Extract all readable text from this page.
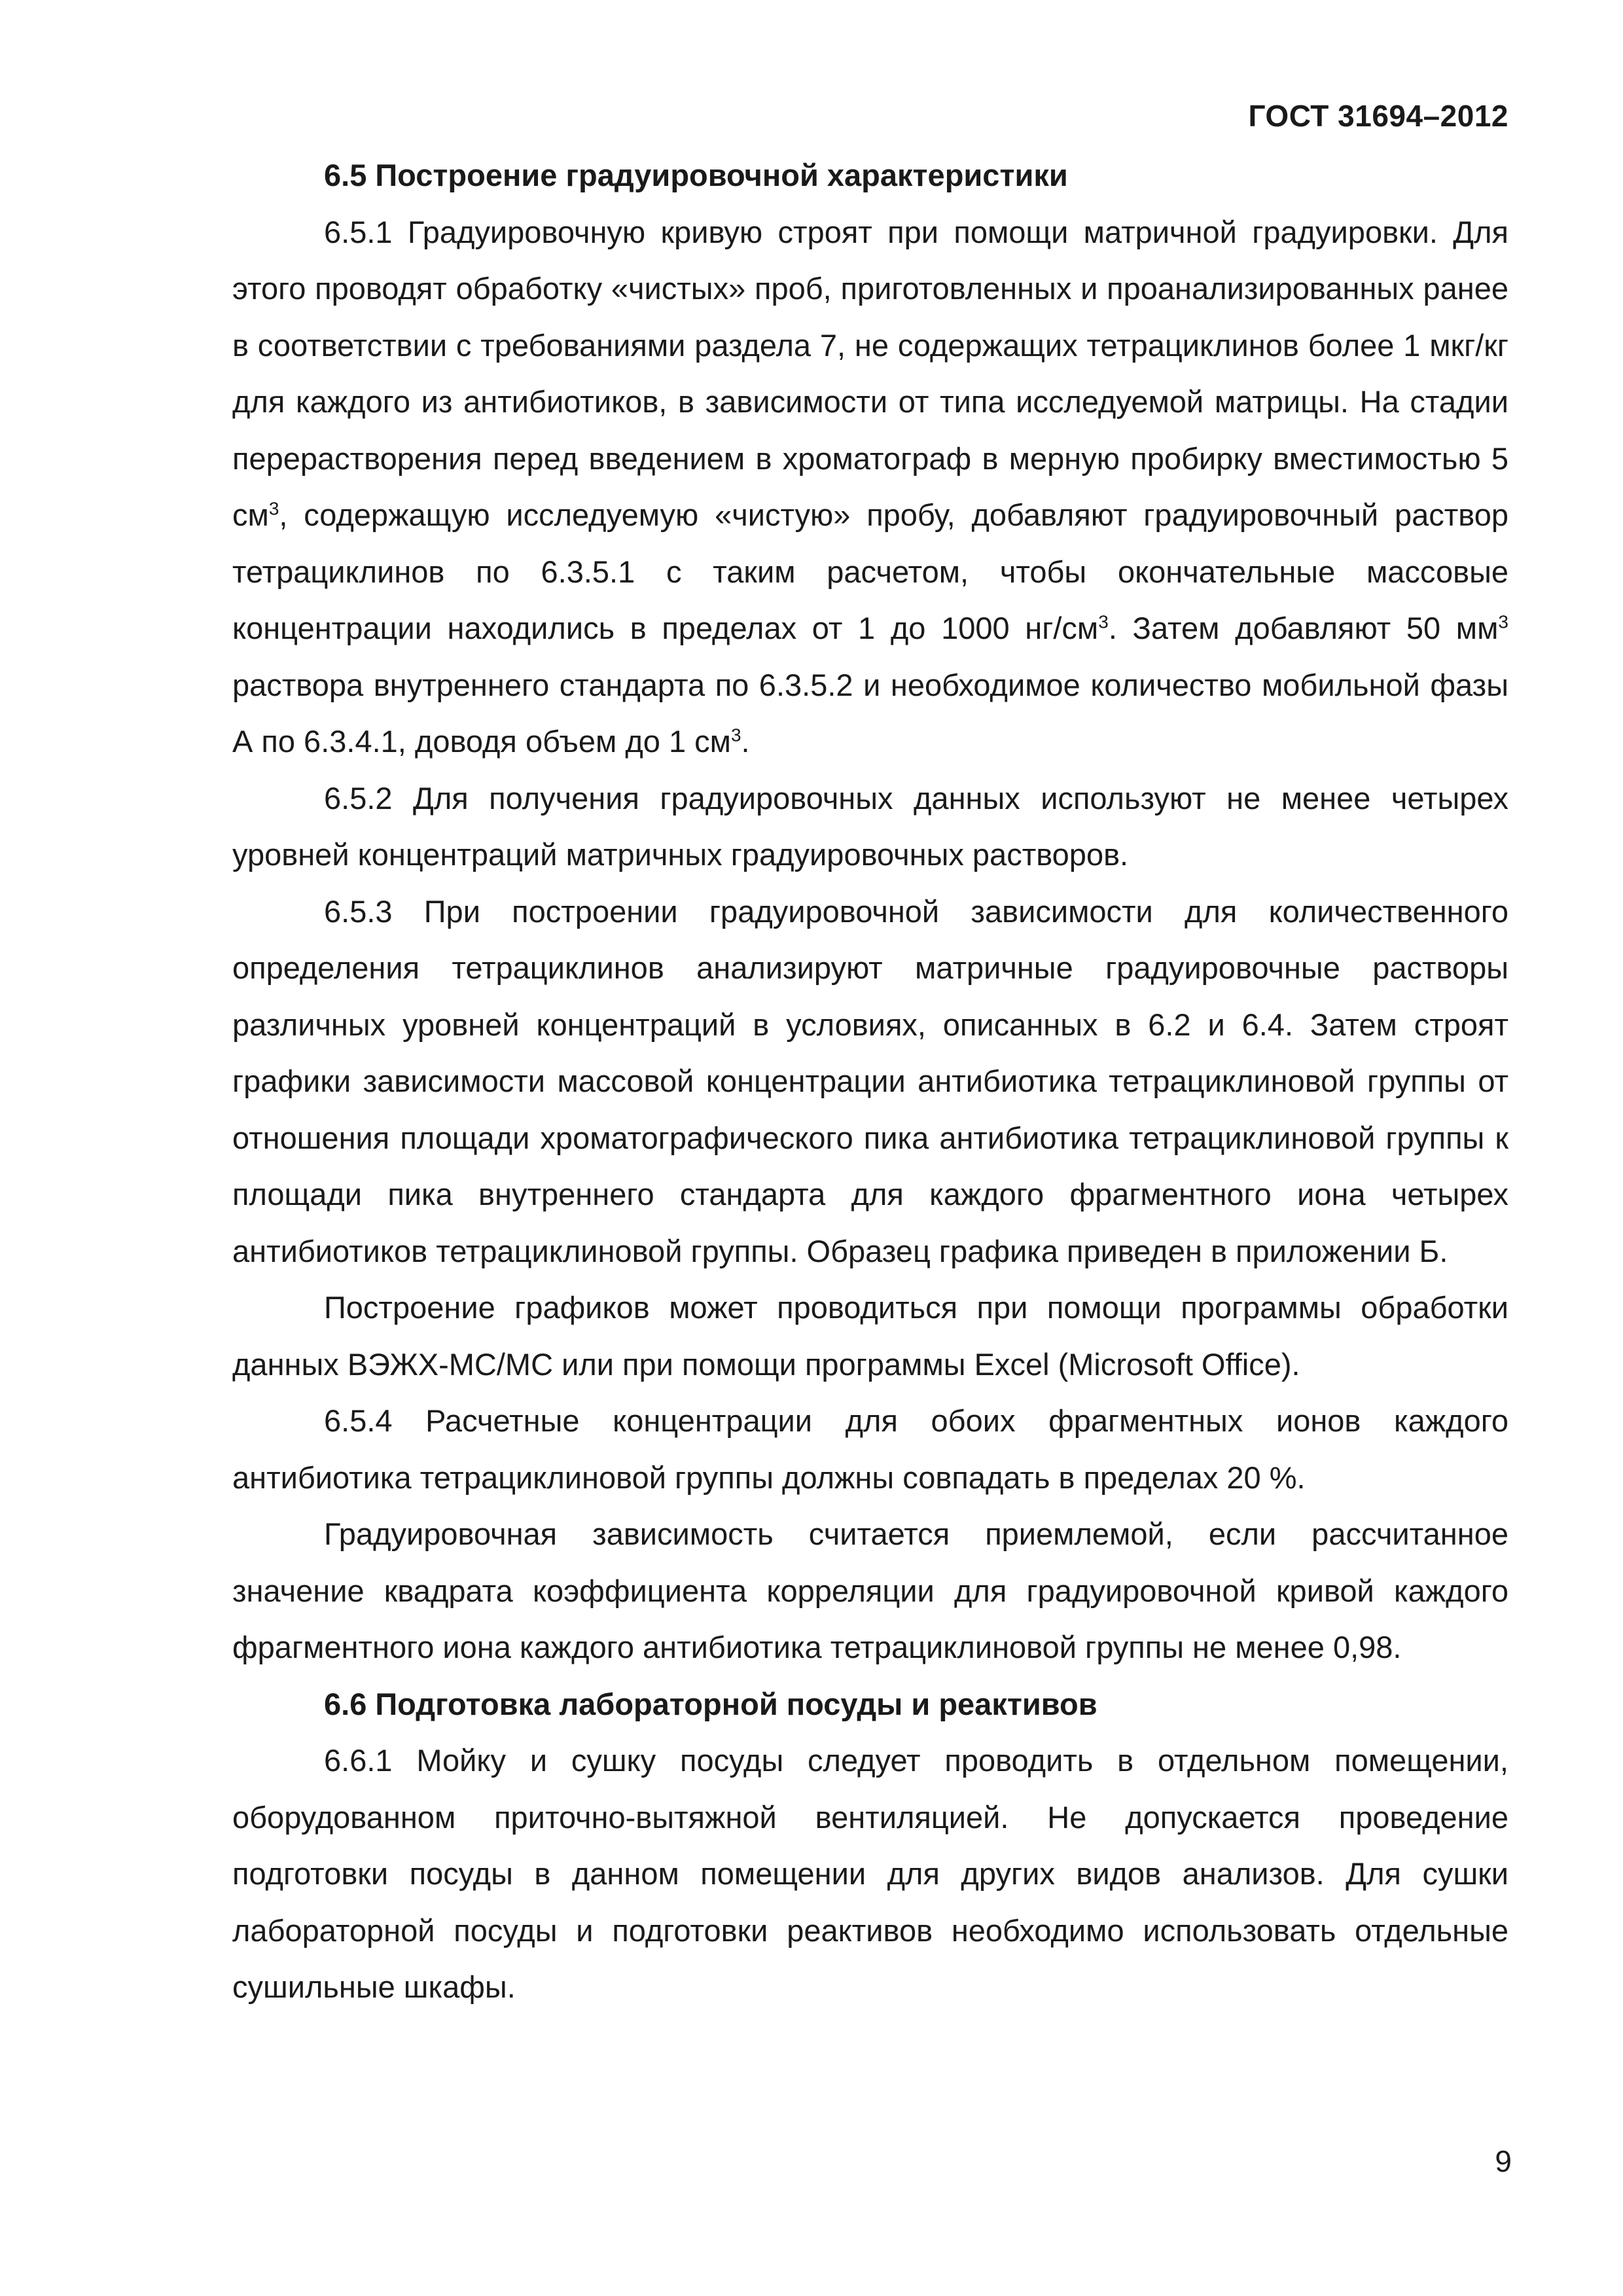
ГОСТ 31694–2012
6.5 Построение градуировочной характеристики

6.5.1 Градуировочную кривую строят при помощи матричной градуировки. Для этого проводят обработку «чистых» проб, приготовленных и проанализированных ранее в соответствии с требованиями раздела 7, не содержащих тетрациклинов более 1 мкг/кг для каждого из антибиотиков, в зависимости от типа исследуемой матрицы. На стадии перерастворения перед введением в хроматограф в мерную пробирку вместимостью 5 $см^3$, содержащую исследуемую «чистую» пробу, добавляют градуировочный раствор тетрациклинов по 6.3.5.1 с таким расчетом, чтобы окончательные массовые концентрации находились в пределах от 1 до 1000 $нг/см^3$. Затем добавляют 50 $мм^3$ раствора внутреннего стандарта по 6.3.5.2 и необходимое количество мобильной фазы А по 6.3.4.1, доводя объем до 1 $см^3$.

6.5.2 Для получения градуировочных данных используют не менее четырех уровней концентраций матричных градуировочных растворов.

6.5.3 При построении градуировочной зависимости для количественного определения тетрациклинов анализируют матричные градуировочные растворы различных уровней концентраций в условиях, описанных в 6.2 и 6.4. Затем строят графики зависимости массовой концентрации антибиотика тетрациклиновой группы от отношения площади хроматографического пика антибиотика тетрациклиновой группы к площади пика внутреннего стандарта для каждого фрагментного иона четырех антибиотиков тетрациклиновой группы. Образец графика приведен в приложении Б.

Построение графиков может проводиться при помощи программы обработки данных ВЭЖХ-МС/МС или при помощи программы Excel (Microsoft Office).

6.5.4 Расчетные концентрации для обоих фрагментных ионов каждого антибиотика тетрациклиновой группы должны совпадать в пределах 20 %.

Градуировочная зависимость считается приемлемой, если рассчитанное значение квадрата коэффициента корреляции для градуировочной кривой каждого фрагментного иона каждого антибиотика тетрациклиновой группы не менее 0,98.

6.6 Подготовка лабораторной посуды и реактивов

6.6.1 Мойку и сушку посуды следует проводить в отдельном помещении, оборудованном приточно-вытяжной вентиляцией. Не допускается проведение подготовки посуды в данном помещении для других видов анализов. Для сушки лабораторной посуды и подготовки реактивов необходимо использовать отдельные сушильные шкафы.

9
